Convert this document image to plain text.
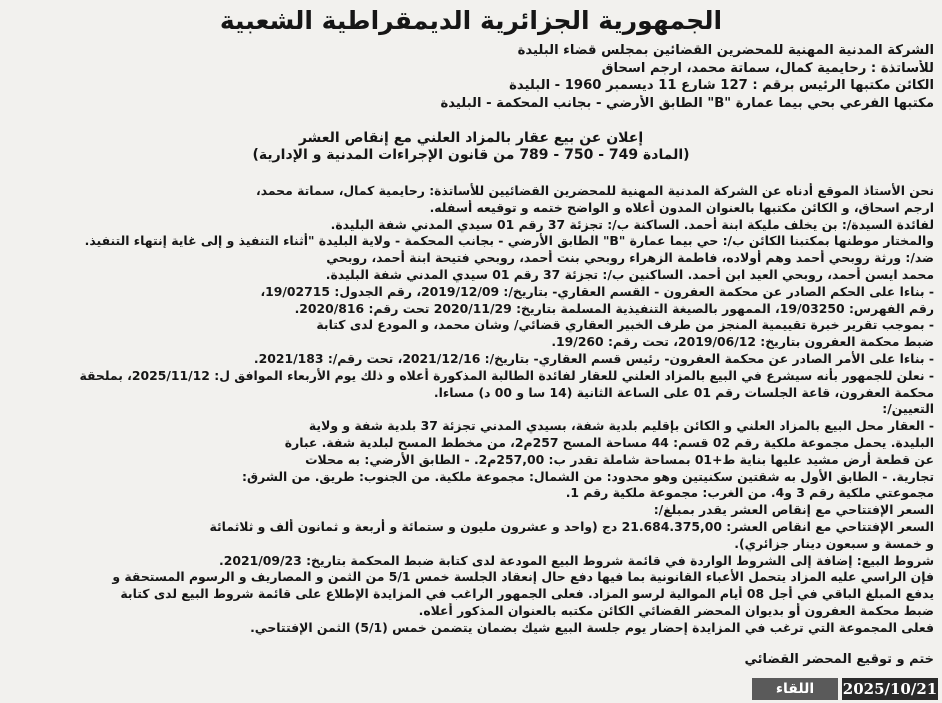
الجمهورية الجزائرية الديمقراطية الشعبية
الشركة المدنية المهنية للمحضرين القضائين بمجلس قضاء البليدة
للأساتذة : رحايمية كمال، سماتة محمد، ارجم اسحاق
الكائن مكتبها الرئيس برقم : 127 شارع 11 ديسمبر 1960 - البليدة
مكتبها الفرعي بحي بيما عمارة "B" الطابق الأرضي - بجانب المحكمة - البليدة
إعلان عن بيع عقار بالمزاد العلني مع إنقاص العشر
(المادة 749 - 750 - 789 من قانون الإجراءات المدنية و الإدارية)
نحن الأستاذ الموقع أدناه عن الشركة المدنية المهنية للمحضرين القضائيين للأساتذة: رحايمية كمال، سماتة محمد،
ارجم اسحاق، و الكائن مكتبها بالعنوان المدون أعلاه و الواضح ختمه و توقيعه أسفله.
لفائدة السيدة/: بن يخلف مليكة ابنة أحمد. الساكنة ب/: تجزئة 37 رقم 01 سيدي المدني شفة البليدة.
والمختار موطنها بمكتبنا الكائن ب/: حي بيما عمارة "B" الطابق الأرضي - بجانب المحكمة - ولاية البليدة "أثناء التنفيذ و إلى غاية إنتهاء التنفيذ.
ضد/: ورثة روبحي أحمد وهم أولاده، فاطمة الزهراء روبحي بنت أحمد، روبحي فتيحة ابنة أحمد، روبحي
محمد ايسن أحمد، روبحي العيد ابن أحمد. الساكنين ب/: تجزئة 37 رقم 01 سيدي المدني شفة البليدة.
- بناءا على الحكم الصادر عن محكمة العفرون - القسم العقاري- بتاريخ/: 2019/12/09، رقم الجدول: 19/02715،
رقم الفهرس: 19/03250، الممهور بالصيغة التنفيذية المسلمة بتاريخ: 2020/11/29 تحت رقم: 2020/816.
- بموجب تقرير خبرة تقييمية المنجز من طرف الخبير العقاري قضائي/ وشان محمد، و المودع لدى كتابة
ضبط محكمة العفرون بتاريخ: 2019/06/12، تحت رقم: 19/260.
- بناءا على الأمر الصادر عن محكمة العفرون- رئيس قسم العقاري- بتاريخ/: 2021/12/16، تحت رقم/: 2021/183.
- نعلن للجمهور بأنه سيشرع في البيع بالمزاد العلني للعقار لفائدة الطالبة المذكورة أعلاه و ذلك يوم الأربعاء الموافق ل: 2025/11/12، بملحقة
محكمة العفرون، قاعة الجلسات رقم 01 على الساعة الثانية (14 سا و 00 د) مساءا.
التعيين/:
- العقار محل البيع بالمزاد العلني و الكائن بإقليم بلدية شفة، بسيدي المدني تجزئة 37 بلدية شفة و ولاية
البليدة. يحمل مجموعة ملكية رقم 02 قسم: 44 مساحة المسح 257م2، من مخطط المسح لبلدية شفة. عبارة
عن قطعة أرض مشيد عليها بناية ط+01 بمساحة شاملة تقدر ب: 257,00م2. - الطابق الأرضي: به محلات
تجارية. - الطابق الأول به شقتين سكنيتين وهو محدود: من الشمال: مجموعة ملكية. من الجنوب: طريق. من الشرق:
مجموعتي ملكية رقم 3 و4. من الغرب: مجموعة ملكية رقم 1.
السعر الإفتتاحي مع إنقاص العشر يقدر بمبلغ/:
السعر الإفتتاحي مع انقاص العشر: 21.684.375,00 دج (واحد و عشرون مليون و ستمائة و أربعة و ثمانون ألف و ثلاثمائة
و خمسة و سبعون دينار جزائري).
شروط البيع: إضافة إلى الشروط الواردة في قائمة شروط البيع المودعة لدى كتابة ضبط المحكمة بتاريخ: 2021/09/23.
فإن الراسي عليه المزاد يتحمل الأعباء القانونية بما فيها دفع حال إنعقاد الجلسة خمس 5/1 من الثمن و المصاريف و الرسوم المستحقة و
يدفع المبلغ الباقي في أجل 08 أيام الموالية لرسو المزاد. فعلى الجمهور الراغب في المزايدة الإطلاع على قائمة شروط البيع لدى كتابة
ضبط محكمة العفرون أو بديوان المحضر القضائي الكائن مكتبه بالعنوان المذكور أعلاه.
فعلى المجموعة التي ترغب في المزايدة إحضار يوم جلسة البيع شيك بضمان يتضمن خمس (5/1) الثمن الإفتتاحي.
ختم و توقيع المحضر القضائي
2025/10/21
اللقاء
